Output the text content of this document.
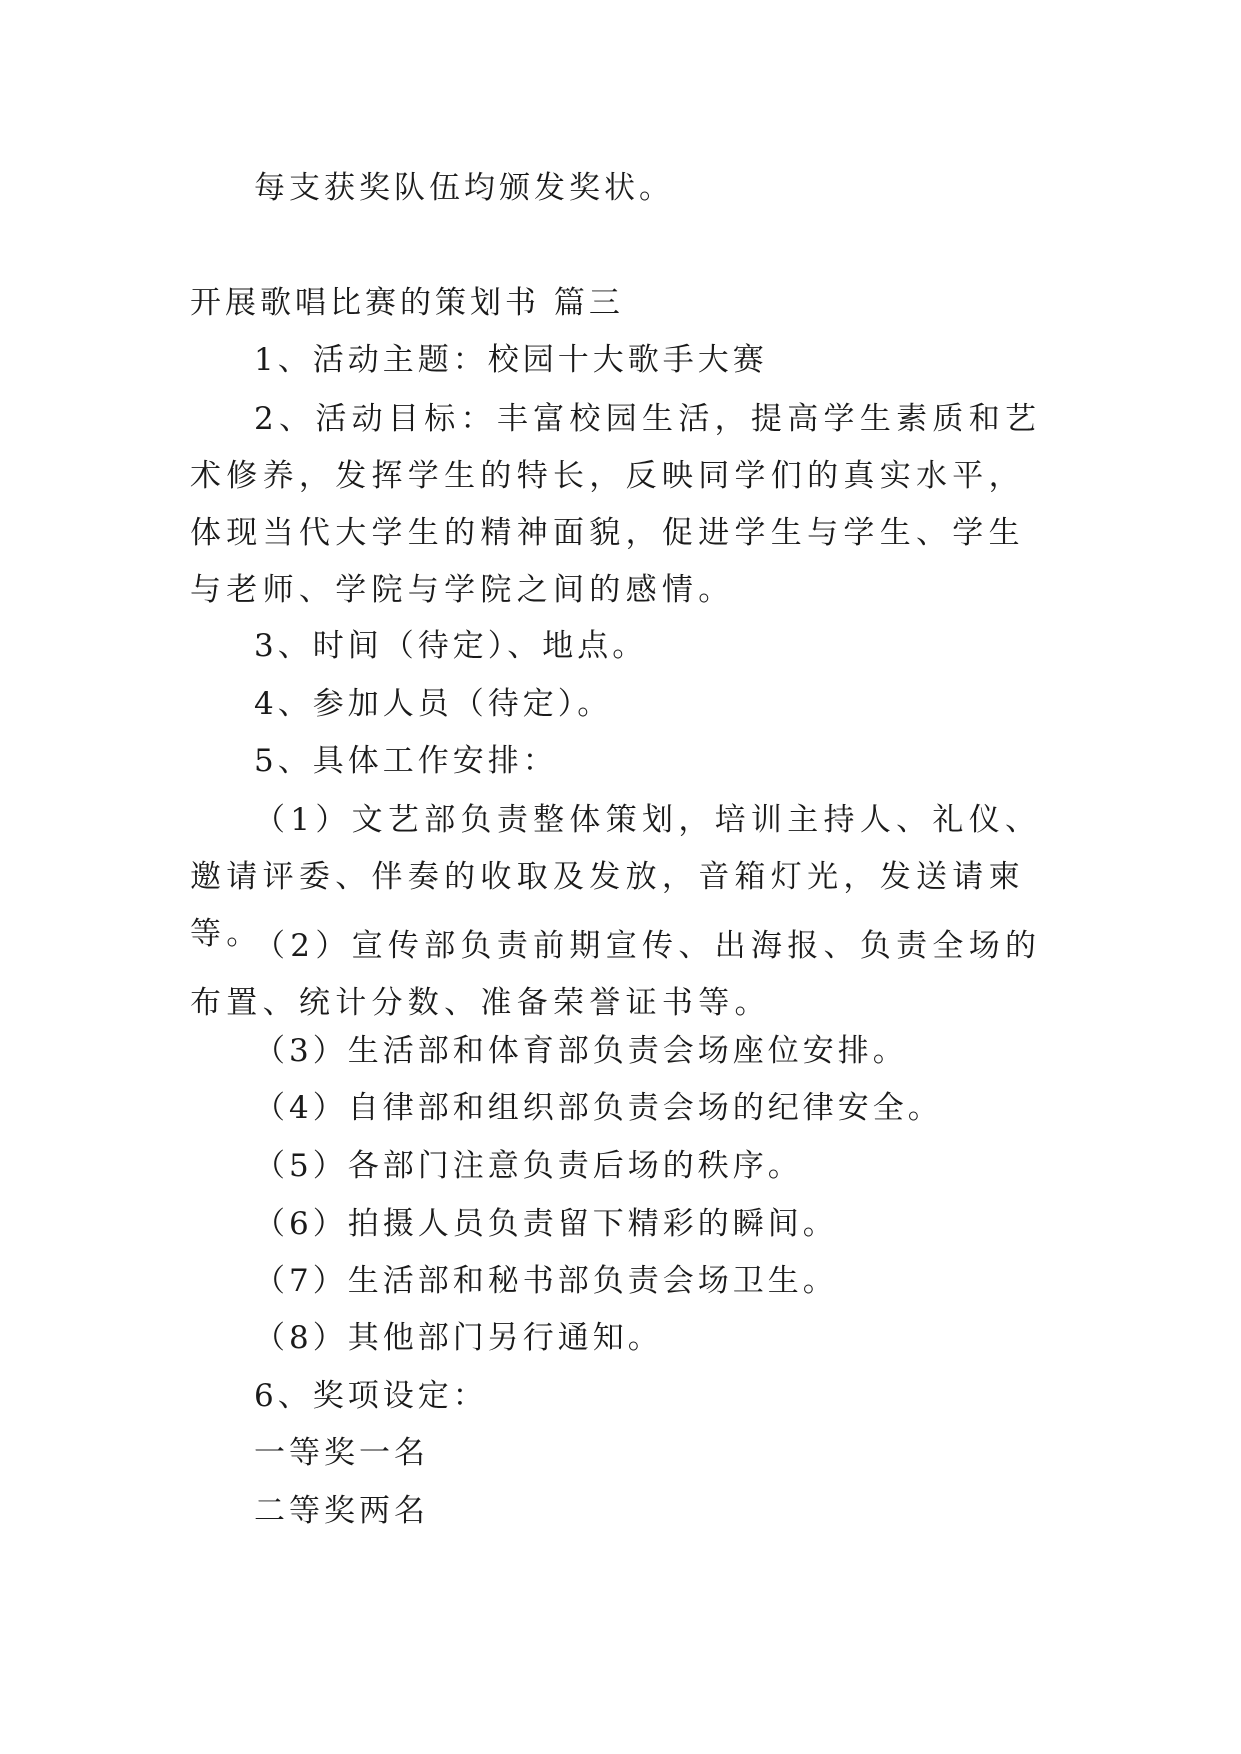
每支获奖队伍均颁发奖状。
开展歌唱比赛的策划书 篇三
1、活动主题：校园十大歌手大赛
2、活动目标：丰富校园生活，提高学生素质和艺术修养，发挥学生的特长，反映同学们的真实水平，体现当代大学生的精神面貌，促进学生与学生、学生与老师、学院与学院之间的感情。
3、时间（待定）、地点。
4、参加人员（待定）。
5、具体工作安排：
（1）文艺部负责整体策划，培训主持人、礼仪、邀请评委、伴奏的收取及发放，音箱灯光，发送请柬等。
（2）宣传部负责前期宣传、出海报、负责全场的布置、统计分数、准备荣誉证书等。
（3）生活部和体育部负责会场座位安排。
（4）自律部和组织部负责会场的纪律安全。
（5）各部门注意负责后场的秩序。
（6）拍摄人员负责留下精彩的瞬间。
（7）生活部和秘书部负责会场卫生。
（8）其他部门另行通知。
6、奖项设定：
一等奖一名
二等奖两名
